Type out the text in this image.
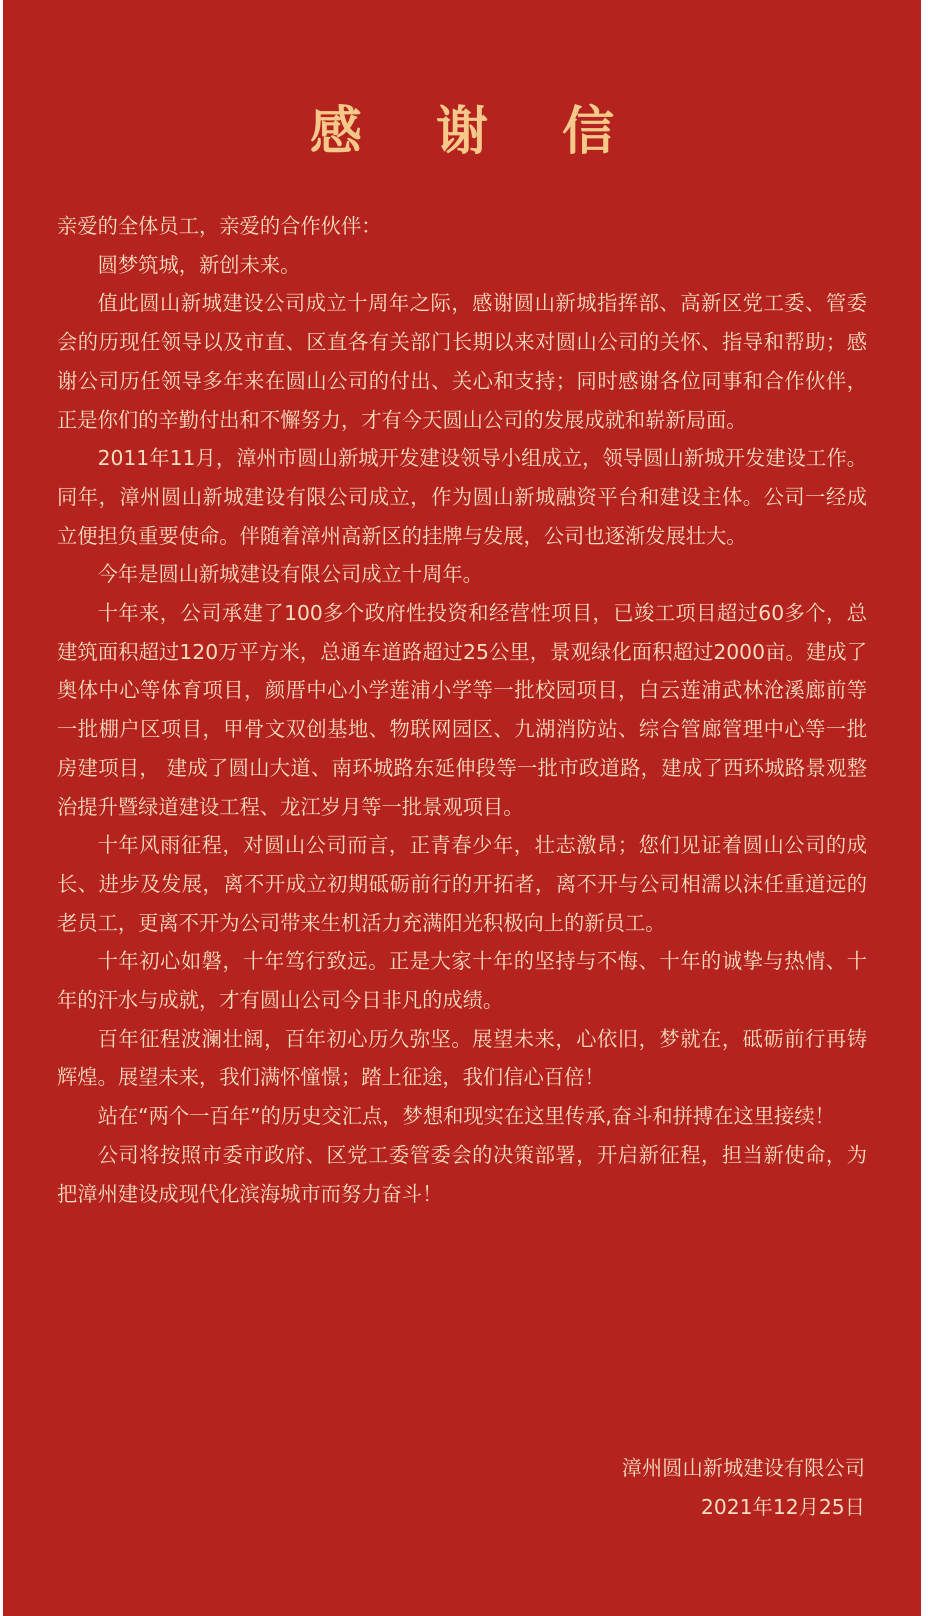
感 谢 信

亲爱的全体员工，亲爱的合作伙伴：

圆梦筑城，新创未来。

值此圆山新城建设公司成立十周年之际，感谢圆山新城指挥部、高新区党工委、管委会的历现任领导以及市直、区直各有关部门长期以来对圆山公司的关怀、指导和帮助；感谢公司历任领导多年来在圆山公司的付出、关心和支持；同时感谢各位同事和合作伙伴，正是你们的辛勤付出和不懈努力，才有今天圆山公司的发展成就和崭新局面。

2011年11月，漳州市圆山新城开发建设领导小组成立，领导圆山新城开发建设工作。同年，漳州圆山新城建设有限公司成立，作为圆山新城融资平台和建设主体。公司一经成立便担负重要使命。伴随着漳州高新区的挂牌与发展，公司也逐渐发展壮大。

今年是圆山新城建设有限公司成立十周年。

十年来，公司承建了100多个政府性投资和经营性项目，已竣工项目超过60多个，总建筑面积超过120万平方米，总通车道路超过25公里，景观绿化面积超过2000亩。建成了奥体中心等体育项目，颜厝中心小学莲浦小学等一批校园项目，白云莲浦武林沧溪廊前等一批棚户区项目，甲骨文双创基地、物联网园区、九湖消防站、综合管廊管理中心等一批房建项目， 建成了圆山大道、南环城路东延伸段等一批市政道路，建成了西环城路景观整治提升暨绿道建设工程、龙江岁月等一批景观项目。

十年风雨征程，对圆山公司而言，正青春少年，壮志激昂；您们见证着圆山公司的成长、进步及发展，离不开成立初期砥砺前行的开拓者，离不开与公司相濡以沫任重道远的老员工，更离不开为公司带来生机活力充满阳光积极向上的新员工。

十年初心如磐，十年笃行致远。正是大家十年的坚持与不悔、十年的诚挚与热情、十年的汗水与成就，才有圆山公司今日非凡的成绩。

百年征程波澜壮阔，百年初心历久弥坚。展望未来，心依旧，梦就在，砥砺前行再铸辉煌。展望未来，我们满怀憧憬；踏上征途，我们信心百倍！

站在“两个一百年”的历史交汇点，梦想和现实在这里传承,奋斗和拼搏在这里接续！

公司将按照市委市政府、区党工委管委会的决策部署，开启新征程，担当新使命，为把漳州建设成现代化滨海城市而努力奋斗！

漳州圆山新城建设有限公司
2021年12月25日
